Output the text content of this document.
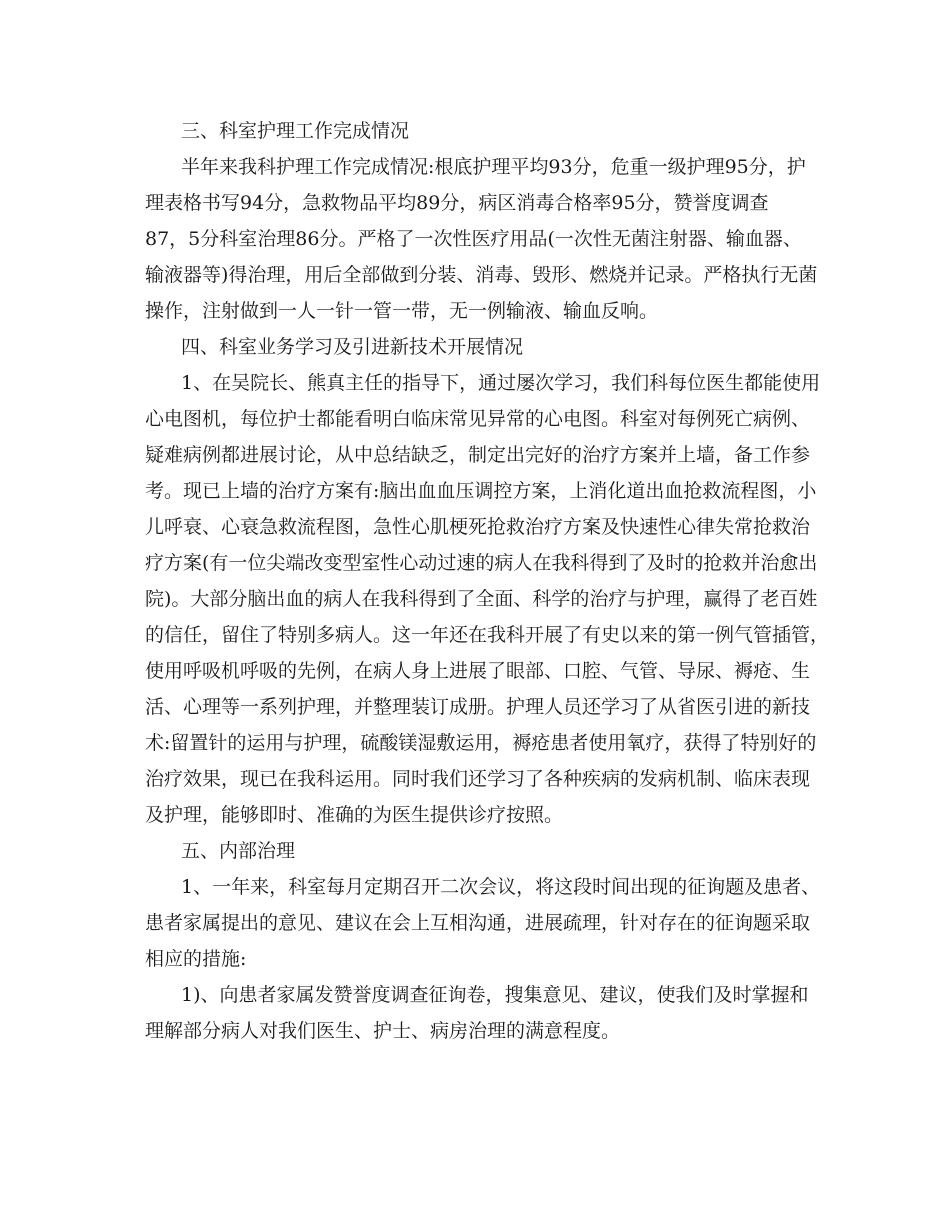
三、科室护理工作完成情况
半年来我科护理工作完成情况:根底护理平均93分，危重一级护理95分，护
理表格书写94分，急救物品平均89分，病区消毒合格率95分，赞誉度调查
87，5分科室治理86分。严格了一次性医疗用品(一次性无菌注射器、输血器、
输液器等)得治理，用后全部做到分装、消毒、毁形、燃烧并记录。严格执行无菌
操作，注射做到一人一针一管一带，无一例输液、输血反响。
四、科室业务学习及引进新技术开展情况
1、在吴院长、熊真主任的指导下，通过屡次学习，我们科每位医生都能使用
心电图机，每位护士都能看明白临床常见异常的心电图。科室对每例死亡病例、
疑难病例都进展讨论，从中总结缺乏，制定出完好的治疗方案并上墙，备工作参
考。现已上墙的治疗方案有:脑出血血压调控方案，上消化道出血抢救流程图，小
儿呼衰、心衰急救流程图，急性心肌梗死抢救治疗方案及快速性心律失常抢救治
疗方案(有一位尖端改变型室性心动过速的病人在我科得到了及时的抢救并治愈出
院)。大部分脑出血的病人在我科得到了全面、科学的治疗与护理，赢得了老百姓
的信任，留住了特别多病人。这一年还在我科开展了有史以来的第一例气管插管，
使用呼吸机呼吸的先例，在病人身上进展了眼部、口腔、气管、导尿、褥疮、生
活、心理等一系列护理，并整理装订成册。护理人员还学习了从省医引进的新技
术:留置针的运用与护理，硫酸镁湿敷运用，褥疮患者使用氧疗，获得了特别好的
治疗效果，现已在我科运用。同时我们还学习了各种疾病的发病机制、临床表现
及护理，能够即时、准确的为医生提供诊疗按照。
五、内部治理
1、一年来，科室每月定期召开二次会议，将这段时间出现的征询题及患者、
患者家属提出的意见、建议在会上互相沟通，进展疏理，针对存在的征询题采取
相应的措施:
1)、向患者家属发赞誉度调查征询卷，搜集意见、建议，使我们及时掌握和
理解部分病人对我们医生、护士、病房治理的满意程度。
